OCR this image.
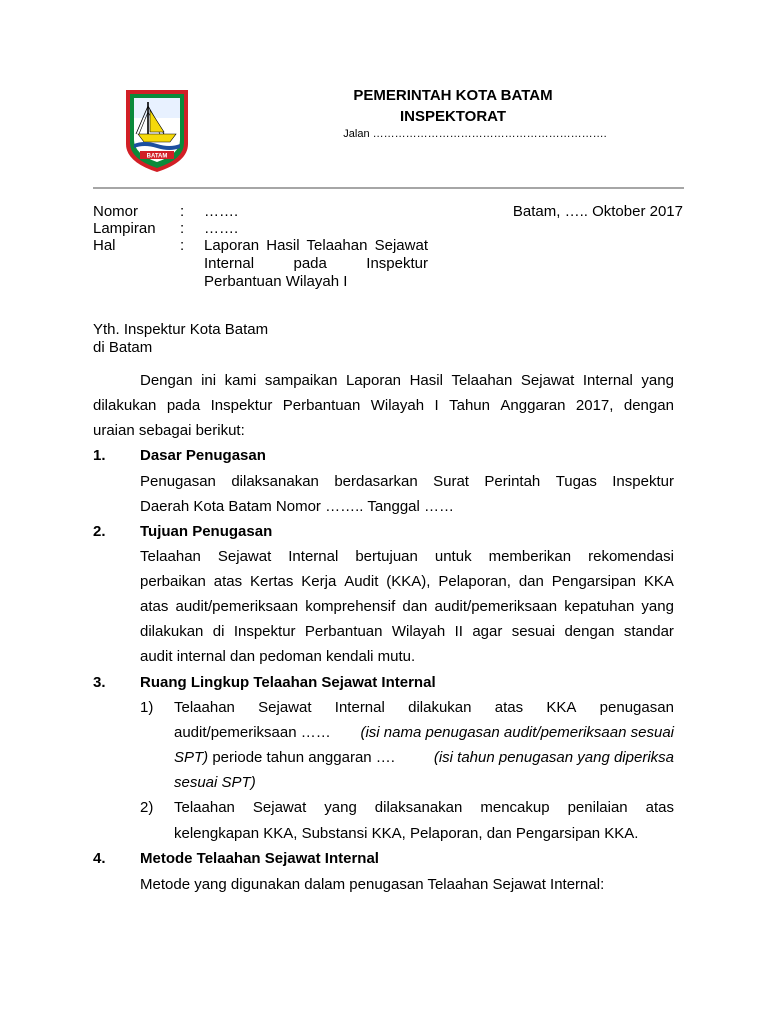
BATAM
PEMERINTAH KOTA BATAM
INSPEKTORAT
Jalan ……………………………………………………….
Nomor	: …….
Lampiran : …….
Hal	: Laporan Hasil Telaahan Sejawat
Internal pada Inspektur
Perbantuan Wilayah I
Batam, ….. Oktober 2017
Yth. Inspektur Kota Batam
di Batam
Dengan ini kami sampaikan Laporan Hasil Telaahan Sejawat Internal yang
dilakukan pada Inspektur Perbantuan Wilayah I Tahun Anggaran 2017, dengan
uraian sebagai berikut:
1. Dasar Penugasan
Penugasan dilaksanakan berdasarkan Surat Perintah Tugas Inspektur
Daerah Kota Batam Nomor …….. Tanggal ……
2. Tujuan Penugasan
Telaahan Sejawat Internal bertujuan untuk memberikan rekomendasi
perbaikan atas Kertas Kerja Audit (KKA), Pelaporan, dan Pengarsipan KKA
atas audit/pemeriksaan komprehensif dan audit/pemeriksaan kepatuhan yang
dilakukan di Inspektur Perbantuan Wilayah II agar sesuai dengan standar
audit internal dan pedoman kendali mutu.
3. Ruang Lingkup Telaahan Sejawat Internal
1) Telaahan Sejawat Internal dilakukan atas KKA penugasan
audit/pemeriksaan …… (isi nama penugasan audit/pemeriksaan sesuai
SPT) periode tahun anggaran …. (isi tahun penugasan yang diperiksa
sesuai SPT)
2) Telaahan Sejawat yang dilaksanakan mencakup penilaian atas
kelengkapan KKA, Substansi KKA, Pelaporan, dan Pengarsipan KKA.
4. Metode Telaahan Sejawat Internal
Metode yang digunakan dalam penugasan Telaahan Sejawat Internal:
